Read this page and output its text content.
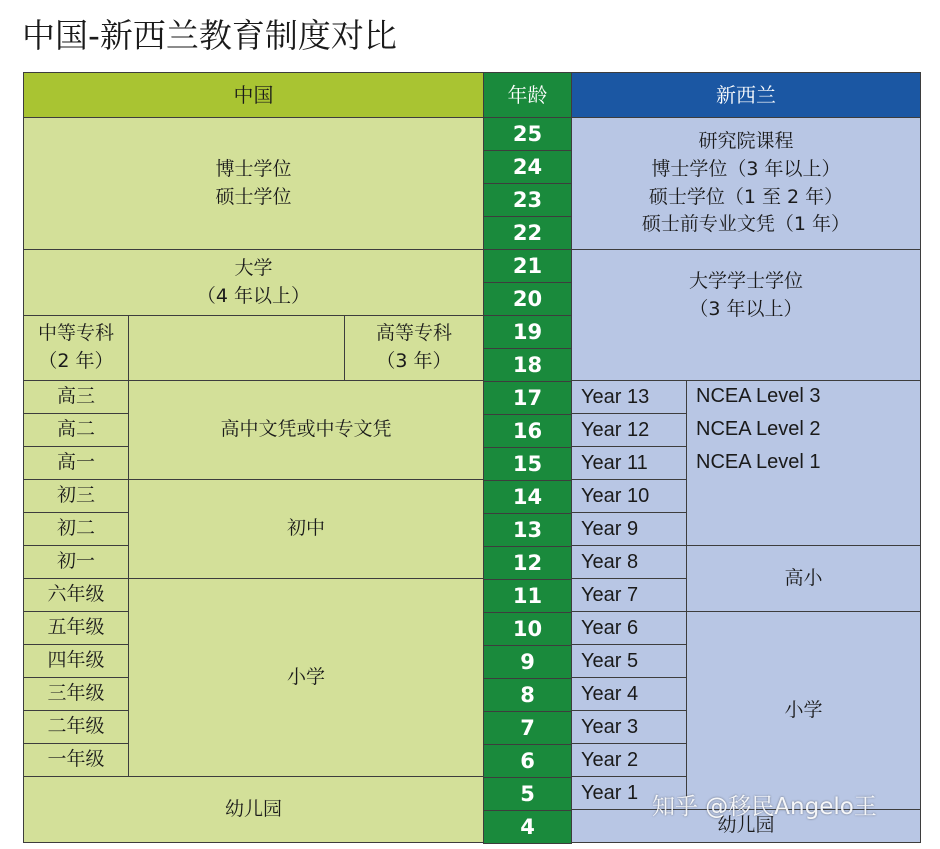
中国-新西兰教育制度对比
中国	年龄	新西兰
博士学位
硕士学位
大学
（4 年以上）
中等专科
（2 年）
高等专科
（3 年）
高三
高二
高一
高中文凭或中专文凭
初三
初二
初一
初中
六年级
五年级
四年级
三年级
二年级
一年级
小学
幼儿园
研究院课程
博士学位（3 年以上）
硕士学位（1 至 2 年）
硕士前专业文凭（1 年）
大学学士学位
（3 年以上）
NCEA Level 3
NCEA Level 2
NCEA Level 1
高小
小学
幼儿园
25
24
23
22
21
20
19
18
17
16
15
14
13
12
11
10
9
8
7
6
5
4
Year 13
Year 12
Year 11
Year 10
Year 9
Year 8
Year 7
Year 6
Year 5
Year 4
Year 3
Year 2
Year 1
知乎 @移民Angelo王
